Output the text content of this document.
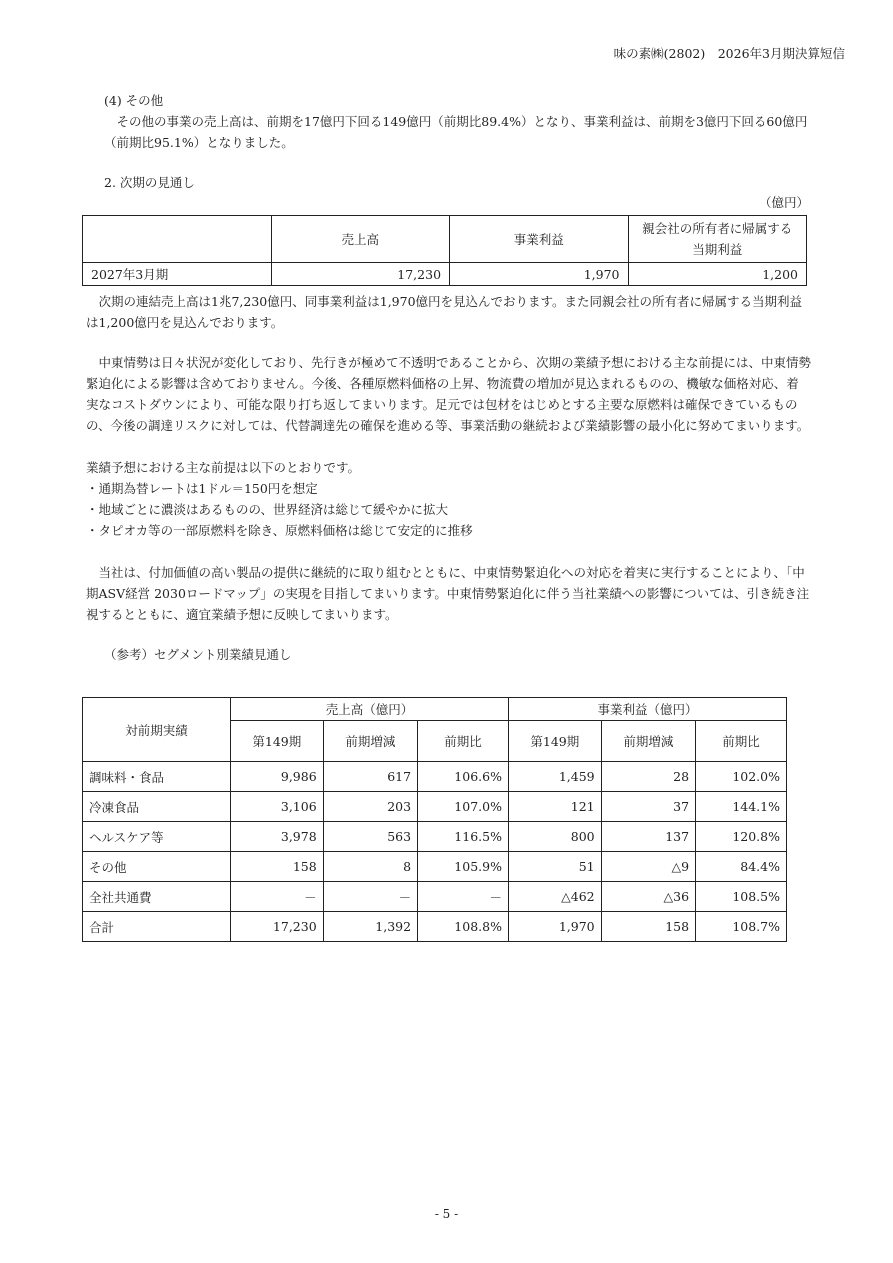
味の素㈱(2802)　2026年3月期決算短信

(4) その他

その他の事業の売上高は、前期を17億円下回る149億円（前期比89.4%）となり、事業利益は、前期を3億円下回る60億円（前期比95.1%）となりました。

2. 次期の見通し

（億円）
	売上高	事業利益	親会社の所有者に帰属する当期利益
2027年3月期	17,230	1,970	1,200

次期の連結売上高は1兆7,230億円、同事業利益は1,970億円を見込んでおります。また同親会社の所有者に帰属する当期利益は1,200億円を見込んでおります。

中東情勢は日々状況が変化しており、先行きが極めて不透明であることから、次期の業績予想における主な前提には、中東情勢緊迫化による影響は含めておりません。今後、各種原燃料価格の上昇、物流費の増加が見込まれるものの、機敏な価格対応、着実なコストダウンにより、可能な限り打ち返してまいります。足元では包材をはじめとする主要な原燃料は確保できているものの、今後の調達リスクに対しては、代替調達先の確保を進める等、事業活動の継続および業績影響の最小化に努めてまいります。

業績予想における主な前提は以下のとおりです。

・通期為替レートは1ドル＝150円を想定

・地域ごとに濃淡はあるものの、世界経済は総じて緩やかに拡大

・タピオカ等の一部原燃料を除き、原燃料価格は総じて安定的に推移

当社は、付加価値の高い製品の提供に継続的に取り組むとともに、中東情勢緊迫化への対応を着実に実行することにより、「中期ASV経営 2030ロードマップ」の実現を目指してまいります。中東情勢緊迫化に伴う当社業績への影響については、引き続き注視するとともに、適宜業績予想に反映してまいります。

（参考）セグメント別業績見通し

対前期実績	売上高（億円）			事業利益（億円）		
	第149期	前期増減	前期比	第149期	前期増減	前期比
調味料・食品	9,986	617	106.6%	1,459	28	102.0%
冷凍食品	3,106	203	107.0%	121	37	144.1%
ヘルスケア等	3,978	563	116.5%	800	137	120.8%
その他	158	8	105.9%	51	△9	84.4%
全社共通費	－	－	－	△462	△36	108.5%
合計	17,230	1,392	108.8%	1,970	158	108.7%
- 5 -
